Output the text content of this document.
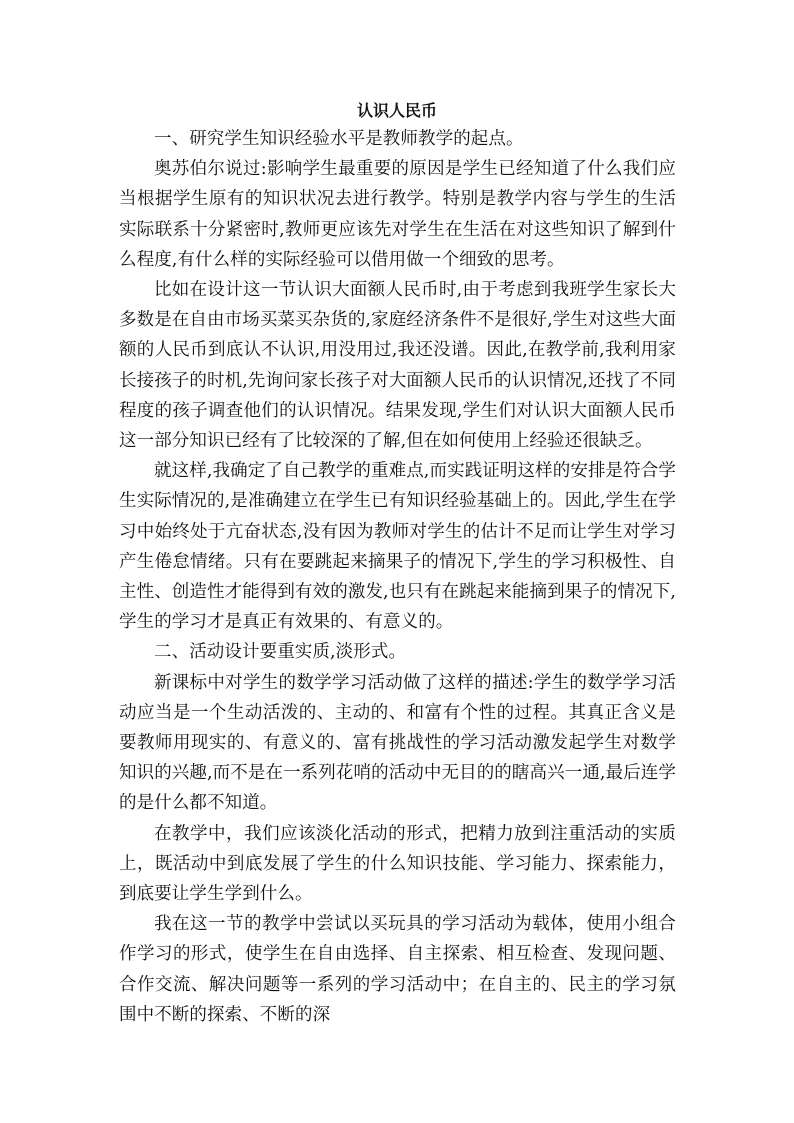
认识人民币

一、研究学生知识经验水平是教师教学的起点。

奥苏伯尔说过:影响学生最重要的原因是学生已经知道了什么我们应当根据学生原有的知识状况去进行教学。特别是教学内容与学生的生活实际联系十分紧密时,教师更应该先对学生在生活在对这些知识了解到什么程度,有什么样的实际经验可以借用做一个细致的思考。

比如在设计这一节认识大面额人民币时,由于考虑到我班学生家长大多数是在自由市场买菜买杂货的,家庭经济条件不是很好,学生对这些大面额的人民币到底认不认识,用没用过,我还没谱。因此,在教学前,我利用家长接孩子的时机,先询问家长孩子对大面额人民币的认识情况,还找了不同程度的孩子调查他们的认识情况。结果发现,学生们对认识大面额人民币这一部分知识已经有了比较深的了解,但在如何使用上经验还很缺乏。

就这样,我确定了自己教学的重难点,而实践证明这样的安排是符合学生实际情况的,是准确建立在学生已有知识经验基础上的。因此,学生在学习中始终处于亢奋状态,没有因为教师对学生的估计不足而让学生对学习产生倦怠情绪。只有在要跳起来摘果子的情况下,学生的学习积极性、自主性、创造性才能得到有效的激发,也只有在跳起来能摘到果子的情况下,学生的学习才是真正有效果的、有意义的。

二、活动设计要重实质,淡形式。

新课标中对学生的数学学习活动做了这样的描述:学生的数学学习活动应当是一个生动活泼的、主动的、和富有个性的过程。其真正含义是要教师用现实的、有意义的、富有挑战性的学习活动激发起学生对数学知识的兴趣,而不是在一系列花哨的活动中无目的的瞎高兴一通,最后连学的是什么都不知道。

在教学中，我们应该淡化活动的形式，把精力放到注重活动的实质上，既活动中到底发展了学生的什么知识技能、学习能力、探索能力，到底要让学生学到什么。

我在这一节的教学中尝试以买玩具的学习活动为载体，使用小组合作学习的形式，使学生在自由选择、自主探索、相互检查、发现问题、合作交流、解决问题等一系列的学习活动中；在自主的、民主的学习氛围中不断的探索、不断的深
